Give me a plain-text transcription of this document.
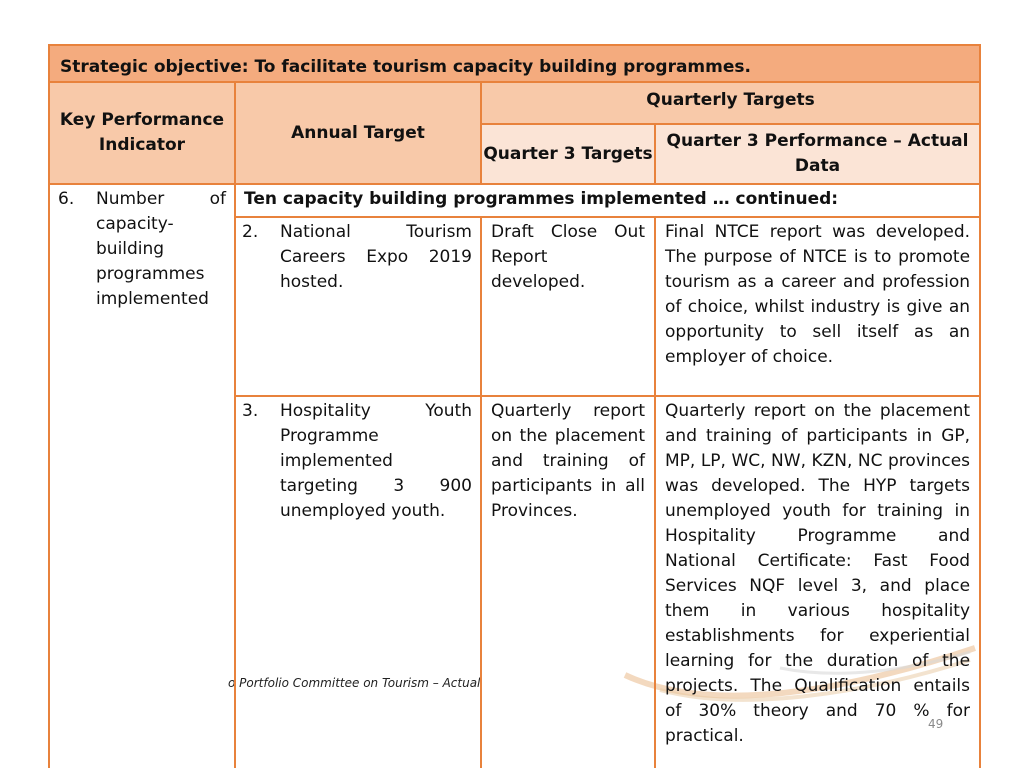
o Portfolio Committee on Tourism – Actual
Strategic objective: To facilitate tourism capacity building programmes.			
Key Performance Indicator	Annual Target	Quarterly Targets	
		Quarter 3 Targets	Quarter 3 Performance – Actual Data

6. Number of capacity-building programmes implemented	Ten capacity building programmes implemented … continued:		

	2. National Tourism Careers Expo 2019 hosted.	Draft Close Out Report developed.	Final NTCE report was developed. The purpose of NTCE is to promote tourism as a career and profession of choice, whilst industry is give an opportunity to sell itself as an employer of choice.

	3. Hospitality Youth Programme implemented targeting 3 900 unemployed youth.	Quarterly report on the placement and training of participants in all Provinces.	Quarterly report on the placement and training of participants in GP, MP, LP, WC, NW, KZN, NC provinces was developed. The HYP targets unemployed youth for training in Hospitality Programme and National Certificate: Fast Food Services NQF level 3, and place them in various hospitality establishments for experiential learning for the duration of the projects. The Qualification entails of 30% theory and 70 % for practical.
49
